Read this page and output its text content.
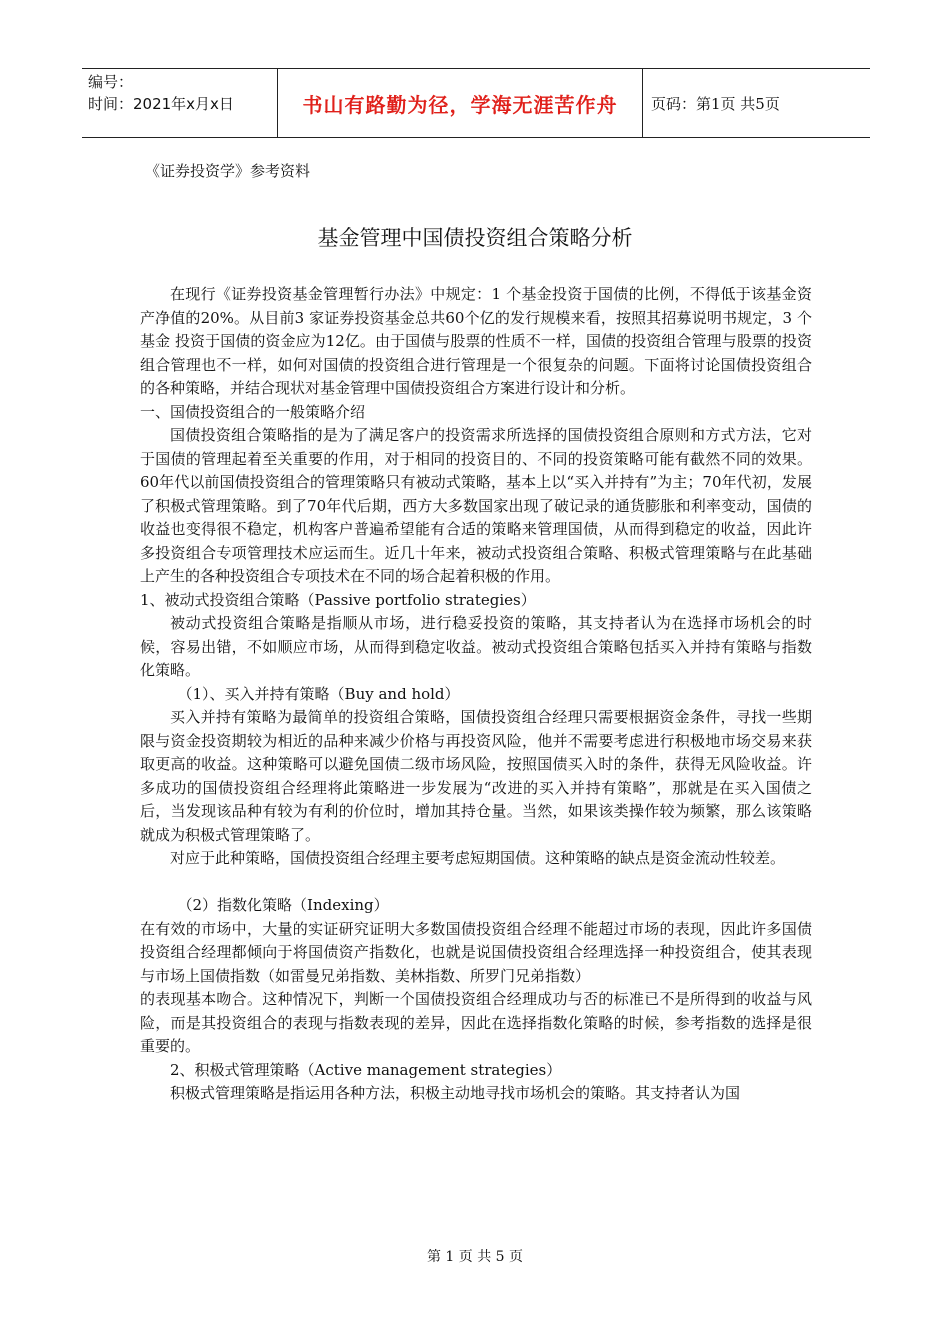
编号：
时间：2021年x月x日	书山有路勤为径，学海无涯苦作舟	页码：第1页 共5页
《证券投资学》参考资料
基金管理中国债投资组合策略分析

在现行《证券投资基金管理暂行办法》中规定：1 个基金投资于国债的比例，不得低于该基金资产净值的20%。从目前3 家证券投资基金总共60个亿的发行规模来看，按照其招募说明书规定，3 个基金 投资于国债的资金应为12亿。由于国债与股票的性质不一样，国债的投资组合管理与股票的投资组合管理也不一样，如何对国债的投资组合进行管理是一个很复杂的问题。下面将讨论国债投资组合的各种策略，并结合现状对基金管理中国债投资组合方案进行设计和分析。

一、国债投资组合的一般策略介绍

国债投资组合策略指的是为了满足客户的投资需求所选择的国债投资组合原则和方式方法，它对于国债的管理起着至关重要的作用，对于相同的投资目的、不同的投资策略可能有截然不同的效果。60年代以前国债投资组合的管理策略只有被动式策略，基本上以“买入并持有”为主；70年代初，发展了积极式管理策略。到了70年代后期，西方大多数国家出现了破记录的通货膨胀和利率变动，国债的收益也变得很不稳定，机构客户普遍希望能有合适的策略来管理国债，从而得到稳定的收益，因此许多投资组合专项管理技术应运而生。近几十年来，被动式投资组合策略、积极式管理策略与在此基础上产生的各种投资组合专项技术在不同的场合起着积极的作用。

1、被动式投资组合策略（Passive portfolio strategies）

被动式投资组合策略是指顺从市场，进行稳妥投资的策略，其支持者认为在选择市场机会的时候，容易出错，不如顺应市场，从而得到稳定收益。被动式投资组合策略包括买入并持有策略与指数化策略。

（1）、买入并持有策略（Buy and hold）

买入并持有策略为最简单的投资组合策略，国债投资组合经理只需要根据资金条件，寻找一些期限与资金投资期较为相近的品种来减少价格与再投资风险，他并不需要考虑进行积极地市场交易来获取更高的收益。这种策略可以避免国债二级市场风险，按照国债买入时的条件，获得无风险收益。许多成功的国债投资组合经理将此策略进一步发展为“改进的买入并持有策略”，那就是在买入国债之后，当发现该品种有较为有利的价位时，增加其持仓量。当然，如果该类操作较为频繁，那么该策略就成为积极式管理策略了。

对应于此种策略，国债投资组合经理主要考虑短期国债。这种策略的缺点是资金流动性较差。

（2）指数化策略（Indexing）

在有效的市场中，大量的实证研究证明大多数国债投资组合经理不能超过市场的表现，因此许多国债投资组合经理都倾向于将国债资产指数化，也就是说国债投资组合经理选择一种投资组合，使其表现与市场上国债指数（如雷曼兄弟指数、美林指数、所罗门兄弟指数）

的表现基本吻合。这种情况下，判断一个国债投资组合经理成功与否的标准已不是所得到的收益与风险，而是其投资组合的表现与指数表现的差异，因此在选择指数化策略的时候，参考指数的选择是很重要的。

2、积极式管理策略（Active management strategies）

积极式管理策略是指运用各种方法，积极主动地寻找市场机会的策略。其支持者认为国

第 1 页 共 5 页
